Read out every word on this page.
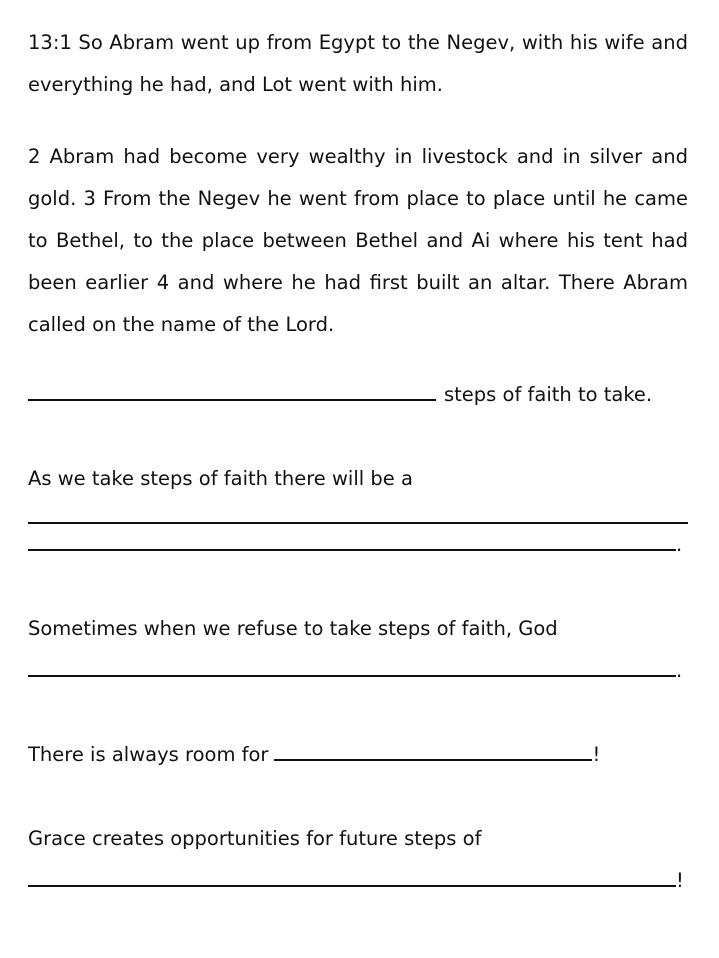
13:1 So Abram went up from Egypt to the Negev, with his wife and everything he had, and Lot went with him.

2 Abram had become very wealthy in livestock and in silver and gold. 3 From the Negev he went from place to place until he came to Bethel, to the place between Bethel and Ai where his tent had been earlier 4 and where he had first built an altar. There Abram called on the name of the Lord.

steps of faith to take.

As we take steps of faith there will be a

.

Sometimes when we refuse to take steps of faith, God

.
There is always room for	!

Grace creates opportunities for future steps of

!
